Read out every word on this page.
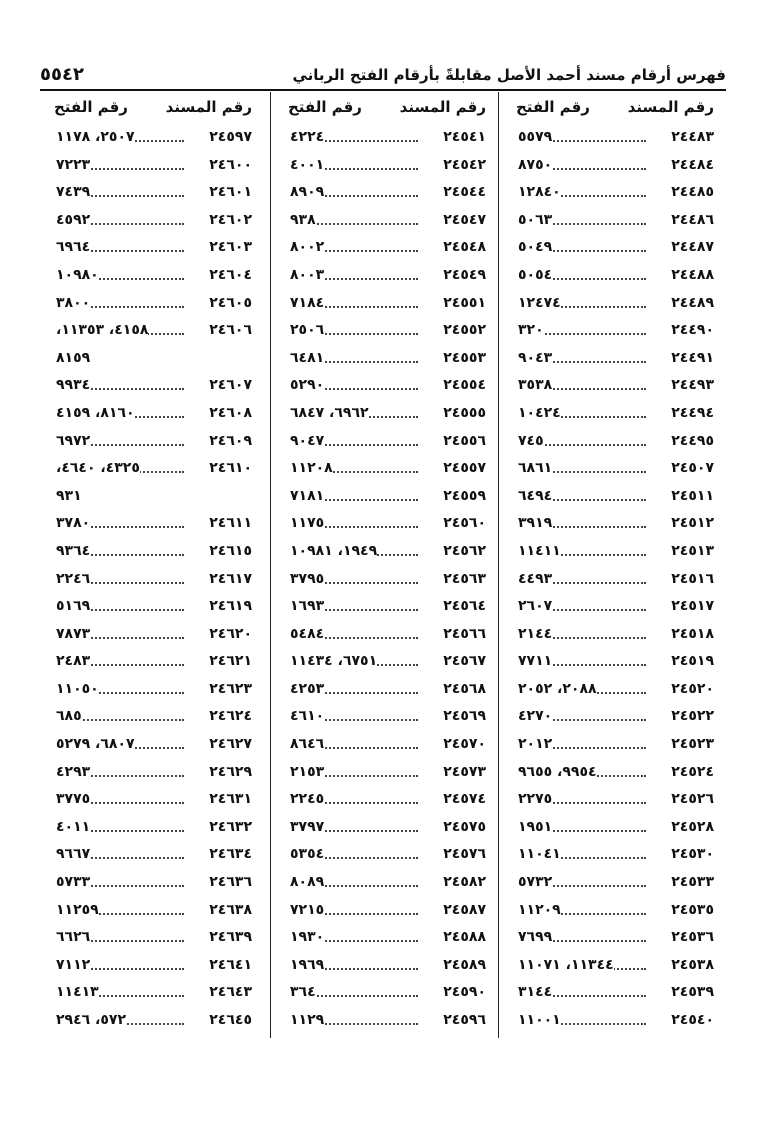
فهرس أرقام مسند أحمد الأصل مقابلةً بأرقام الفتح الرباني
٥٥٤٢
رقم المسند
رقم الفتح
٢٤٤٨٣
٥٥٧٩
٢٤٤٨٤
٨٧٥٠
٢٤٤٨٥
١٢٨٤٠
٢٤٤٨٦
٥٠٦٣
٢٤٤٨٧
٥٠٤٩
٢٤٤٨٨
٥٠٥٤
٢٤٤٨٩
١٢٤٧٤
٢٤٤٩٠
٣٢٠
٢٤٤٩١
٩٠٤٣
٢٤٤٩٣
٣٥٣٨
٢٤٤٩٤
١٠٤٢٤
٢٤٤٩٥
٧٤٥
٢٤٥٠٧
٦٨٦١
٢٤٥١١
٦٤٩٤
٢٤٥١٢
٣٩١٩
٢٤٥١٣
١١٤١١
٢٤٥١٦
٤٤٩٣
٢٤٥١٧
٢٦٠٧
٢٤٥١٨
٢١٤٤
٢٤٥١٩
٧٧١١
٢٤٥٢٠
٢٠٨٨، ٢٠٥٢
٢٤٥٢٢
٤٢٧٠
٢٤٥٢٣
٢٠١٢
٢٤٥٢٤
٩٩٥٤، ٩٦٥٥
٢٤٥٢٦
٢٢٧٥
٢٤٥٢٨
١٩٥١
٢٤٥٣٠
١١٠٤١
٢٤٥٣٣
٥٧٣٢
٢٤٥٣٥
١١٢٠٩
٢٤٥٣٦
٧٦٩٩
٢٤٥٣٨
١١٣٤٤، ١١٠٧١
٢٤٥٣٩
٣١٤٤
٢٤٥٤٠
١١٠٠١
رقم المسند
رقم الفتح
٢٤٥٤١
٤٢٢٤
٢٤٥٤٢
٤٠٠١
٢٤٥٤٤
٨٩٠٩
٢٤٥٤٧
٩٣٨
٢٤٥٤٨
٨٠٠٢
٢٤٥٤٩
٨٠٠٣
٢٤٥٥١
٧١٨٤
٢٤٥٥٢
٢٥٠٦
٢٤٥٥٣
٦٤٨١
٢٤٥٥٤
٥٢٩٠
٢٤٥٥٥
٦٩٦٢، ٦٨٤٧
٢٤٥٥٦
٩٠٤٧
٢٤٥٥٧
١١٢٠٨
٢٤٥٥٩
٧١٨١
٢٤٥٦٠
١١٧٥
٢٤٥٦٢
١٩٤٩، ١٠٩٨١
٢٤٥٦٣
٣٧٩٥
٢٤٥٦٤
١٦٩٣
٢٤٥٦٦
٥٤٨٤
٢٤٥٦٧
٦٧٥١، ١١٤٣٤
٢٤٥٦٨
٤٢٥٣
٢٤٥٦٩
٤٦١٠
٢٤٥٧٠
٨٦٤٦
٢٤٥٧٣
٢١٥٣
٢٤٥٧٤
٢٢٤٥
٢٤٥٧٥
٣٧٩٧
٢٤٥٧٦
٥٣٥٤
٢٤٥٨٢
٨٠٨٩
٢٤٥٨٧
٧٢١٥
٢٤٥٨٨
١٩٣٠
٢٤٥٨٩
١٩٦٩
٢٤٥٩٠
٣٦٤
٢٤٥٩٦
١١٢٩
رقم المسند
رقم الفتح
٢٤٥٩٧
٢٥٠٧، ١١٧٨
٢٤٦٠٠
٧٢٢٣
٢٤٦٠١
٧٤٣٩
٢٤٦٠٢
٤٥٩٢
٢٤٦٠٣
٦٩٦٤
٢٤٦٠٤
١٠٩٨٠
٢٤٦٠٥
٣٨٠٠
٢٤٦٠٦
٤١٥٨، ١١٣٥٣،
٨١٥٩
٢٤٦٠٧
٩٩٣٤
٢٤٦٠٨
٨١٦٠، ٤١٥٩
٢٤٦٠٩
٦٩٧٢
٢٤٦١٠
٤٣٢٥، ٤٦٤٠،
٩٣١
٢٤٦١١
٣٧٨٠
٢٤٦١٥
٩٣٦٤
٢٤٦١٧
٢٢٤٦
٢٤٦١٩
٥١٦٩
٢٤٦٢٠
٧٨٧٣
٢٤٦٢١
٢٤٨٣
٢٤٦٢٣
١١٠٥٠
٢٤٦٢٤
٦٨٥
٢٤٦٢٧
٦٨٠٧، ٥٢٧٩
٢٤٦٢٩
٤٢٩٣
٢٤٦٣١
٣٧٧٥
٢٤٦٣٢
٤٠١١
٢٤٦٣٤
٩٦٦٧
٢٤٦٣٦
٥٧٣٣
٢٤٦٣٨
١١٢٥٩
٢٤٦٣٩
٦٦٢٦
٢٤٦٤١
٧١١٢
٢٤٦٤٣
١١٤١٣
٢٤٦٤٥
٥٧٢، ٢٩٤٦
